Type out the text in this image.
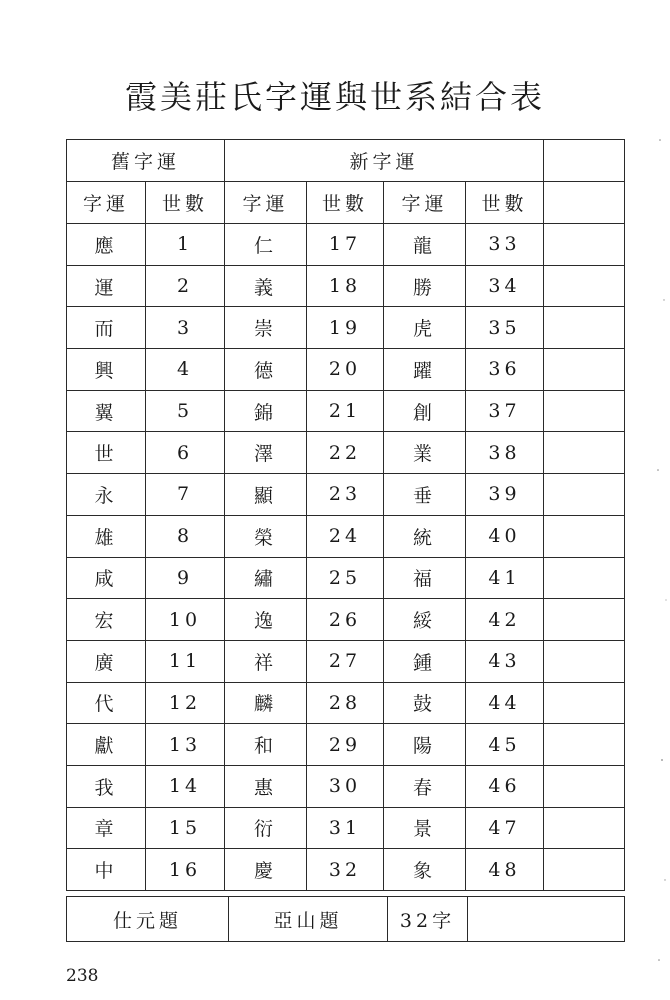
霞美莊氏字運與世系結合表
舊字運		新字運				
字運	世數	字運	世數	字運	世數	
應	1	仁	17	龍	33	
運	2	義	18	勝	34	
而	3	崇	19	虎	35	
興	4	德	20	躍	36	
翼	5	錦	21	創	37	
世	6	澤	22	業	38	
永	7	顯	23	垂	39	
雄	8	榮	24	統	40	
咸	9	繡	25	福	41	
宏	10	逸	26	綏	42	
廣	11	祥	27	鍾	43	
代	12	麟	28	鼓	44	
獻	13	和	29	陽	45	
我	14	惠	30	春	46	
章	15	衍	31	景	47	
中	16	慶	32	象	48	
仕元題	亞山題	32字	
238
